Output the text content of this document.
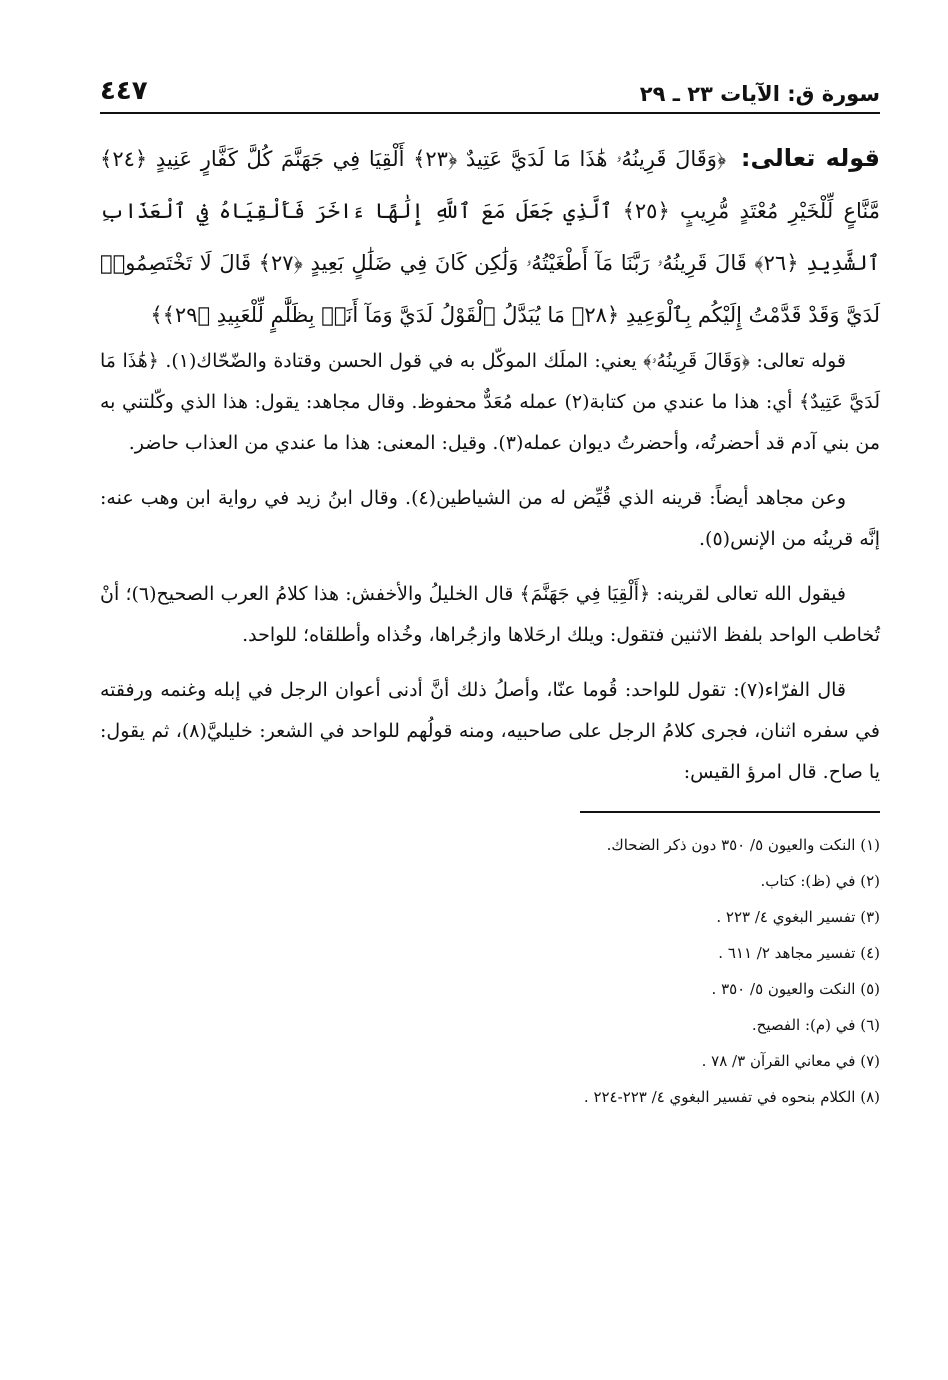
سورة ق: الآيات ٢٣ ـ ٢٩
٤٤٧
قوله تعالى: ﴿وَقَالَ قَرِينُهُۥ هَٰذَا مَا لَدَيَّ عَتِيدٌ ﴿٢٣﴾ أَلْقِيَا فِي جَهَنَّمَ كُلَّ كَفَّارٍ عَنِيدٍ ﴿٢٤﴾ مَّنَّاعٍ لِّلْخَيْرِ مُعْتَدٍ مُّرِيبٍ ﴿٢٥﴾ ٱلَّذِي جَعَلَ مَعَ ٱللَّهِ إِلَٰهًا ءَاخَرَ فَأَلْقِيَاهُ فِي ٱلْعَذَابِ ٱلشَّدِيدِ ﴿٢٦﴾ قَالَ قَرِينُهُۥ رَبَّنَا مَآ أَطْغَيْتُهُۥ وَلَٰكِن كَانَ فِي ضَلَٰلٍ بَعِيدٍ ﴿٢٧﴾ قَالَ لَا تَخْتَصِمُوا۟ لَدَيَّ وَقَدْ قَدَّمْتُ إِلَيْكُم بِٱلْوَعِيدِ ﴿٢٨﴾ مَا يُبَدَّلُ ٱلْقَوْلُ لَدَيَّ وَمَآ أَنَا۠ بِظَلَّٰمٍ لِّلْعَبِيدِ ﴿٢٩﴾﴾

قوله تعالى: ﴿وَقَالَ قَرِينُهُۥ﴾ يعني: الملَك الموكّل به في قول الحسن وقتادة والضّحّاك(١). ﴿هَٰذَا مَا لَدَيَّ عَتِيدٌ﴾ أي: هذا ما عندي من كتابة(٢) عمله مُعَدٌّ محفوظ. وقال مجاهد: يقول: هذا الذي وكّلتني به من بني آدم قد أحضرتُه، وأحضرتُ ديوان عمله(٣). وقيل: المعنى: هذا ما عندي من العذاب حاضر.

وعن مجاهد أيضاً: قرينه الذي قُيِّض له من الشياطين(٤). وقال ابنُ زيد في رواية ابن وهب عنه: إنَّه قرينُه من الإنس(٥).

فيقول الله تعالى لقرينه: ﴿أَلْقِيَا فِي جَهَنَّمَ﴾ قال الخليلُ والأخفش: هذا كلامُ العرب الصحيح(٦)؛ أنْ تُخاطب الواحد بلفظ الاثنين فتقول: ويلك ارحَلاها وازجُراها، وخُذاه وأطلقاه؛ للواحد.

قال الفرّاء(٧): تقول للواحد: قُوما عنّا، وأصلُ ذلك أنَّ أدنى أعوان الرجل في إبله وغنمه ورفقته في سفره اثنان، فجرى كلامُ الرجل على صاحبيه، ومنه قولُهم للواحد في الشعر: خليليَّ(٨)، ثم يقول: يا صاح. قال امرؤ القيس:

(١) النكت والعيون ٥/ ٣٥٠ دون ذكر الضحاك.
(٢) في (ظ): كتاب.
(٣) تفسير البغوي ٤/ ٢٢٣ .
(٤) تفسير مجاهد ٢/ ٦١١ .
(٥) النكت والعيون ٥/ ٣٥٠ .
(٦) في (م): الفصيح.
(٧) في معاني القرآن ٣/ ٧٨ .
(٨) الكلام بنحوه في تفسير البغوي ٤/ ٢٢٣-٢٢٤ .
